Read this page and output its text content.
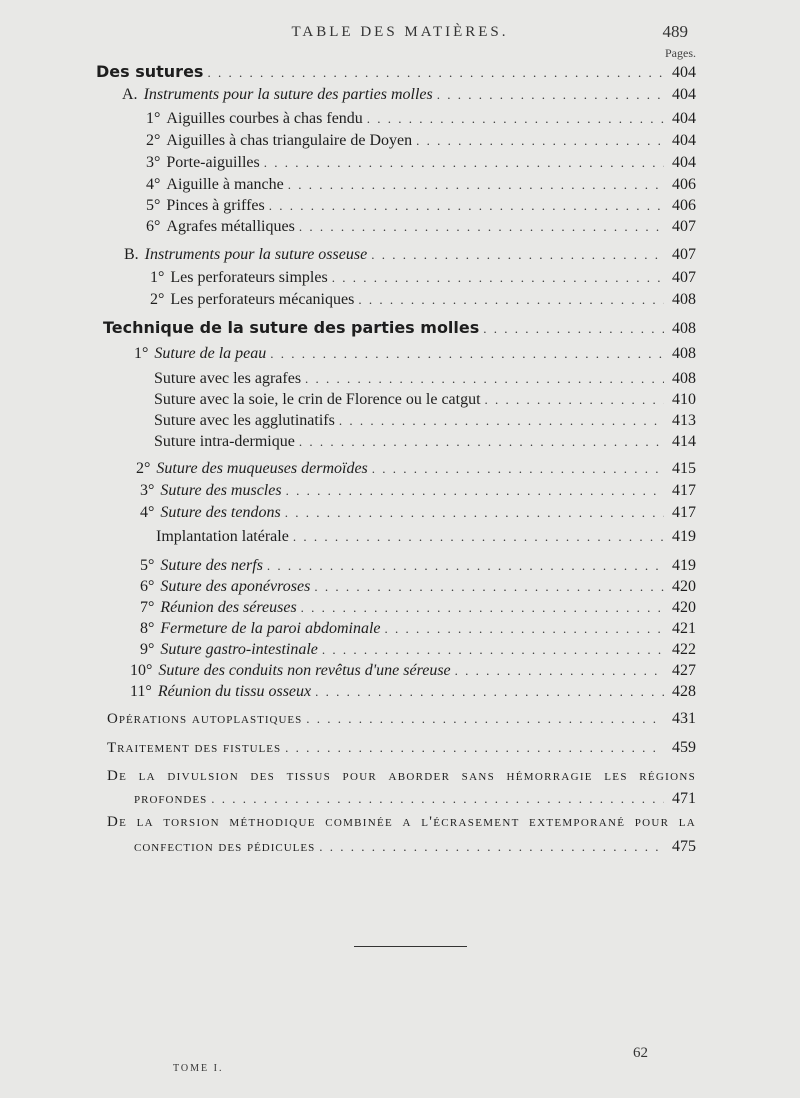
TABLE DES MATIÈRES.	489
Pages.
Des sutures . . .	404
A. Instruments pour la suture des parties molles . . .	404
1° Aiguilles courbes à chas fendu . . .	404
2° Aiguilles à chas triangulaire de Doyen . . .	404
3° Porte-aiguilles . . .	404
4° Aiguille à manche . . .	406
5° Pinces à griffes . . .	406
6° Agrafes métalliques . . .	407
B. Instruments pour la suture osseuse . . .	407
1° Les perforateurs simples . . .	407
2° Les perforateurs mécaniques . . .	408
Technique de la suture des parties molles . . .	408
1° Suture de la peau . . .	408
Suture avec les agrafes . . .	408
Suture avec la soie, le crin de Florence ou le catgut . . .	410
Suture avec les agglutinatifs . . .	413
Suture intra-dermique . . .	414
2° Suture des muqueuses dermoïdes . . .	415
3° Suture des muscles . . .	417
4° Suture des tendons . . .	417
Implantation latérale . . .	419
5° Suture des nerfs . . .	419
6° Suture des aponévroses . . .	420
7° Réunion des séreuses . . .	420
8° Fermeture de la paroi abdominale . . .	421
9° Suture gastro-intestinale . . .	422
10° Suture des conduits non revêtus d'une séreuse . . .	427
11° Réunion du tissu osseux . . .	428
Opérations autoplastiques . . .	431
Traitement des fistules . . .	459
De la divulsion des tissus pour aborder sans hémorragie les régions
profondes . . .	471
De la torsion méthodique combinée a l'écrasement extemporané pour la
confection des pédicules . . .	475
TOME I.
62
